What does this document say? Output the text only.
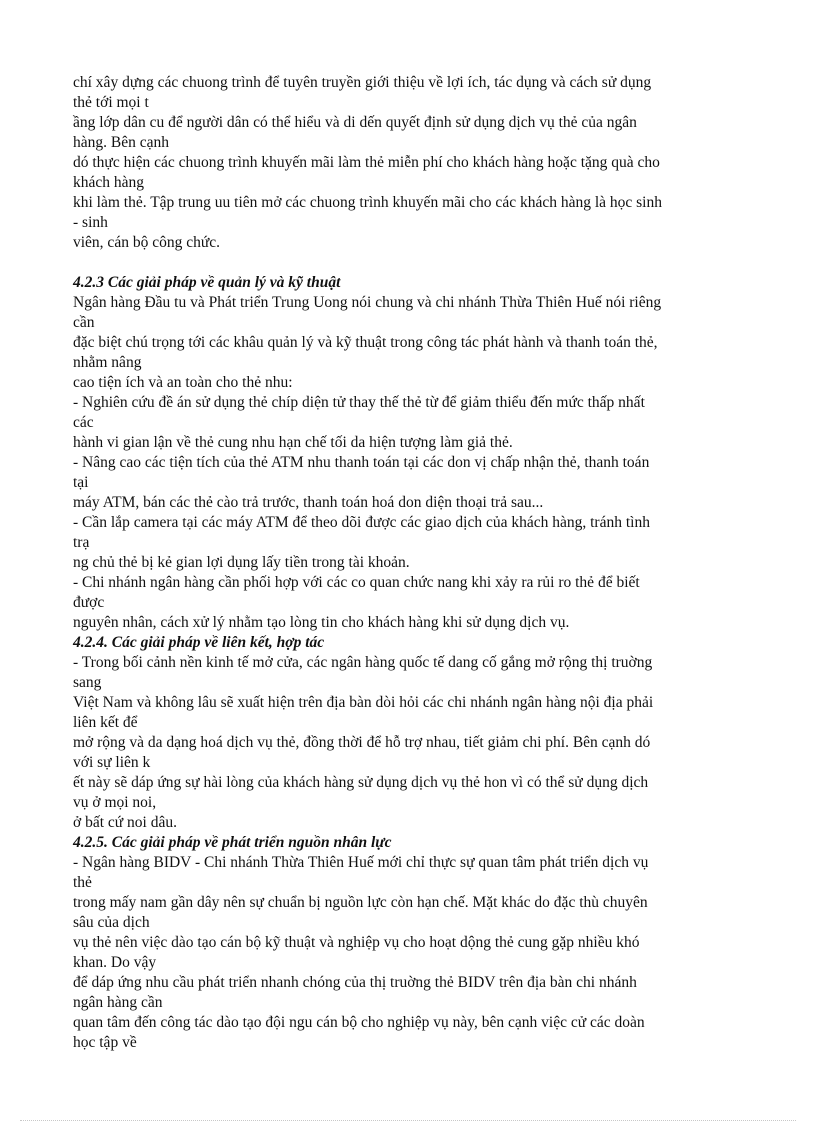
chí xây dựng các chuong trình để tuyên truyền giới thiệu về lợi ích, tác dụng và cách sử dụng
thẻ tới mọi t
ầng lớp dân cu để người dân có thể hiểu và di dến quyết định sử dụng dịch vụ thẻ của ngân
hàng. Bên cạnh
dó thực hiện các chuong trình khuyến mãi làm thẻ miễn phí cho khách hàng hoặc tặng quà cho
khách hàng
khi làm thẻ. Tập trung uu tiên mở các chuong trình khuyến mãi cho các khách hàng là học sinh
- sinh
viên, cán bộ công chức.
4.2.3 Các giải pháp về quản lý và kỹ thuật
Ngân hàng Đầu tu và Phát triển Trung Uong nói chung và chi nhánh Thừa Thiên Huế nói riêng
cần
đặc biệt chú trọng tới các khâu quản lý và kỹ thuật trong công tác phát hành và thanh toán thẻ,
nhằm nâng
cao tiện ích và an toàn cho thẻ nhu:
- Nghiên cứu đề án sử dụng thẻ chíp diện tử thay thế thẻ từ để giảm thiểu đến mức thấp nhất
các
hành vi gian lận về thẻ cung nhu hạn chế tối da hiện tượng làm giả thẻ.
- Nâng cao các tiện tích của thẻ ATM nhu thanh toán tại các don vị chấp nhận thẻ, thanh toán
tại
máy ATM, bán các thẻ cào trả trước, thanh toán hoá don diện thoại trả sau...
- Cần lắp camera tại các máy ATM để theo dõi được các giao dịch của khách hàng, tránh tình
trạ
ng chủ thẻ bị kẻ gian lợi dụng lấy tiền trong tài khoản.
- Chi nhánh ngân hàng cần phối hợp với các co quan chức nang khi xảy ra rủi ro thẻ để biết
được
nguyên nhân, cách xử lý nhằm tạo lòng tin cho khách hàng khi sử dụng dịch vụ.
4.2.4. Các giải pháp về liên kết, hợp tác
- Trong bối cảnh nền kinh tế mở cửa, các ngân hàng quốc tế dang cố gắng mở rộng thị truờng
sang
Việt Nam và không lâu sẽ xuất hiện trên địa bàn dòi hỏi các chi nhánh ngân hàng nội địa phải
liên kết để
mở rộng và da dạng hoá dịch vụ thẻ, đồng thời để hỗ trợ nhau, tiết giảm chi phí. Bên cạnh dó
với sự liên k
ết này sẽ dáp ứng sự hài lòng của khách hàng sử dụng dịch vụ thẻ hon vì có thể sử dụng dịch
vụ ở mọi noi,
ở bất cứ noi dâu.
4.2.5. Các giải pháp về phát triển nguồn nhân lực
- Ngân hàng BIDV - Chi nhánh Thừa Thiên Huế mới chỉ thực sự quan tâm phát triển dịch vụ
thẻ
trong mấy nam gần dây nên sự chuẩn bị nguồn lực còn hạn chế. Mặt khác do đặc thù chuyên
sâu của dịch
vụ thẻ nên việc dào tạo cán bộ kỹ thuật và nghiệp vụ cho hoạt dộng thẻ cung gặp nhiều khó
khan. Do vậy
để dáp ứng nhu cầu phát triển nhanh chóng của thị truờng thẻ BIDV trên địa bàn chi nhánh
ngân hàng cần
quan tâm đến công tác dào tạo đội ngu cán bộ cho nghiệp vụ này, bên cạnh việc cử các doàn
học tập về
